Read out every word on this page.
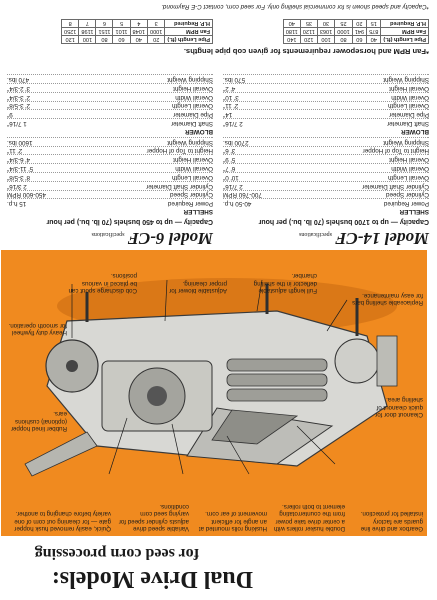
Dual Drive Models:
for seed corn processing
Gearbox and drive line guards are factory installed for protection.
Double husker rollers with a center drive take power from the counterrotating element to both rollers.
Husking rolls mounted at an angle for efficient movement of ear corn.
Variable speed drive adjusts cylinder speed for varying seed corn conditions.
Quick, easily removed husk hopper gate — for cleaning out corn of one variety before changing to another.
Rubber lined hopper (optional) cushions ears.
Replaceable shelling bars for easy maintenance.
Cleanout door for quick cleanout of shelling area.
Full length adjustable deflector in the shelling chamber.
Adjustable blower for proper cleaning.
Cob discharge spout can be placed in various positions.
Heavy duty flywheel for smooth operation.

Model 14-CFspecifications

Capacity — up to 1700 bushels (70 lb. bu.) per hour
SHELLER
Power Required
40-50 h.p.
Cylinder Speed
700-760 RPM
Cylinder Shaft Diameter
2 7/16"
Overall Length
10' 0"
Overall Width
6' 7"
Overall Height
5' 9"
Height to Top of Hopper
3' 6"
Shipping Weight
2700 lbs.
BLOWER
Shaft Diameter
2 7/16"
Pipe Diameter
14"
Overall Length
2' 11"
Overall Width
3' 10"
Overall Height
4' 2"
Shipping Weight
570 lbs.

Model 6-CFspecifications

Capacity — up to 450 bushels (70 lb. bu.) per hour
SHELLER
Power Required
15 h.p.
Cylinder Speed
450-600 RPM
Cylinder Shaft Diameter
2 3/16"
Overall Length
8' 3-5/8"
Overall Width
5' 11-3/4"
Overall Height
4' 6-3/4"
Height to Top of Hopper
2' 11"
Shipping Weight
1600 lbs.
BLOWER
Shaft Diameter
1 7/16"
Pipe Diameter
9"
Overall Length
2' 3-5/8"
Overall Width
2' 3-3/4"
Overall Height
3' 2-3/4"
Shipping Weight
470 lbs.
*Fan RPM and horsepower requirements for given cob pipe lengths.
Pipe Length (ft.)	40	60	80	100	120	140
Fan RPM	875	941	1000	1063	1120	1180
H.P. Required	15	20	25	30	35	40
Pipe Length (ft.)	20	40	60	80	100	120
Fan RPM	1000	1048	1101	1151	1198	1250
H.P. Required	3	4	5	6	7	8
*Capacity and speed shown is for commercial shelling only. For seed corn, contact C-E Raymond.
